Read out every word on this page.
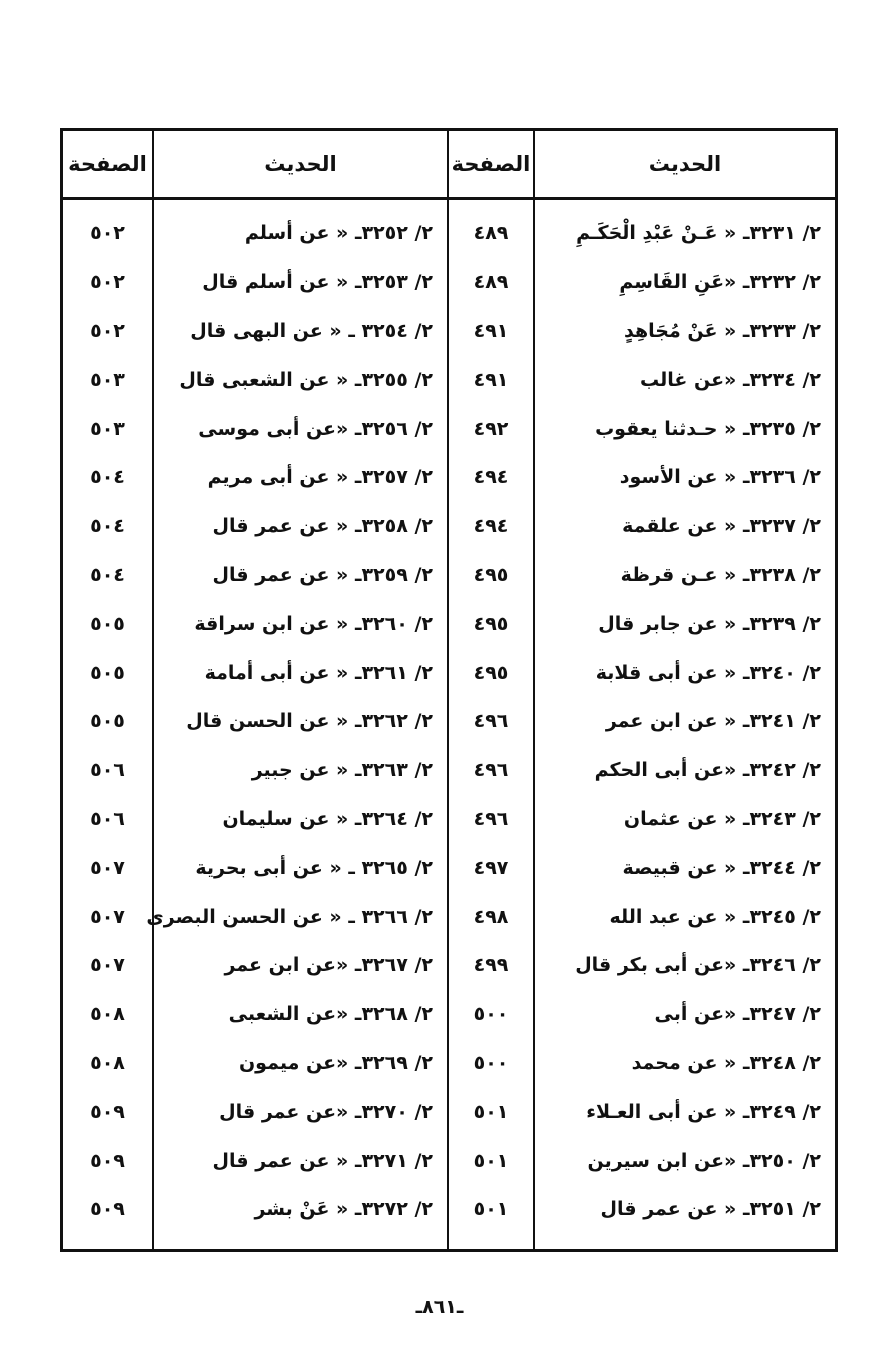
الصفحة	الحديث	الصفحة	الحديث
٥٠٢	٢/ ٣٢٥٢ـ « عن أسلم	٤٨٩	٢/ ٣٢٣١ـ « عَـنْ عَبْدِ الْحَكَـمِ
٥٠٢	٢/ ٣٢٥٣ـ « عن أسلم قال	٤٨٩	٢/ ٣٢٣٢ـ «عَنِ القَاسِمِ
٥٠٢	٢/ ٣٢٥٤ ـ « عن البهى قال	٤٩١	٢/ ٣٢٣٣ـ « عَنْ مُجَاهِدٍ
٥٠٣	٢/ ٣٢٥٥ـ « عن الشعبى قال	٤٩١	٢/ ٣٢٣٤ـ «عن غالب
٥٠٣	٢/ ٣٢٥٦ـ «عن أبى موسى	٤٩٢	٢/ ٣٢٣٥ـ « حـدثنا يعقوب
٥٠٤	٢/ ٣٢٥٧ـ « عن أبى مريم	٤٩٤	٢/ ٣٢٣٦ـ « عن الأسود
٥٠٤	٢/ ٣٢٥٨ـ « عن عمر قال	٤٩٤	٢/ ٣٢٣٧ـ « عن علقمة
٥٠٤	٢/ ٣٢٥٩ـ « عن عمر قال	٤٩٥	٢/ ٣٢٣٨ـ « عـن قرظة
٥٠٥	٢/ ٣٢٦٠ـ « عن ابن سراقة	٤٩٥	٢/ ٣٢٣٩ـ « عن جابر قال
٥٠٥	٢/ ٣٢٦١ـ « عن أبى أمامة	٤٩٥	٢/ ٣٢٤٠ـ « عن أبى قلابة
٥٠٥	٢/ ٣٢٦٢ـ « عن الحسن قال	٤٩٦	٢/ ٣٢٤١ـ « عن ابن عمر
٥٠٦	٢/ ٣٢٦٣ـ « عن جبير	٤٩٦	٢/ ٣٢٤٢ـ «عن أبى الحكم
٥٠٦	٢/ ٣٢٦٤ـ « عن سليمان	٤٩٦	٢/ ٣٢٤٣ـ « عن عثمان
٥٠٧	٢/ ٣٢٦٥ ـ « عن أبى بحرية	٤٩٧	٢/ ٣٢٤٤ـ « عن قبيصة
٥٠٧	٢/ ٣٢٦٦ ـ « عن الحسن البصرى	٤٩٨	٢/ ٣٢٤٥ـ « عن عبد الله
٥٠٧	٢/ ٣٢٦٧ـ «عن ابن عمر	٤٩٩	٢/ ٣٢٤٦ـ «عن أبى بكر قال
٥٠٨	٢/ ٣٢٦٨ـ «عن الشعبى	٥٠٠	٢/ ٣٢٤٧ـ «عن أبى
٥٠٨	٢/ ٣٢٦٩ـ «عن ميمون	٥٠٠	٢/ ٣٢٤٨ـ « عن محمد
٥٠٩	٢/ ٣٢٧٠ـ «عن عمر قال	٥٠١	٢/ ٣٢٤٩ـ « عن أبى العـلاء
٥٠٩	٢/ ٣٢٧١ـ « عن عمر قال	٥٠١	٢/ ٣٢٥٠ـ «عن ابن سيرين
٥٠٩	٢/ ٣٢٧٢ـ « عَنْ بشر	٥٠١	٢/ ٣٢٥١ـ « عن عمر قال
ـ٨٦١ـ
